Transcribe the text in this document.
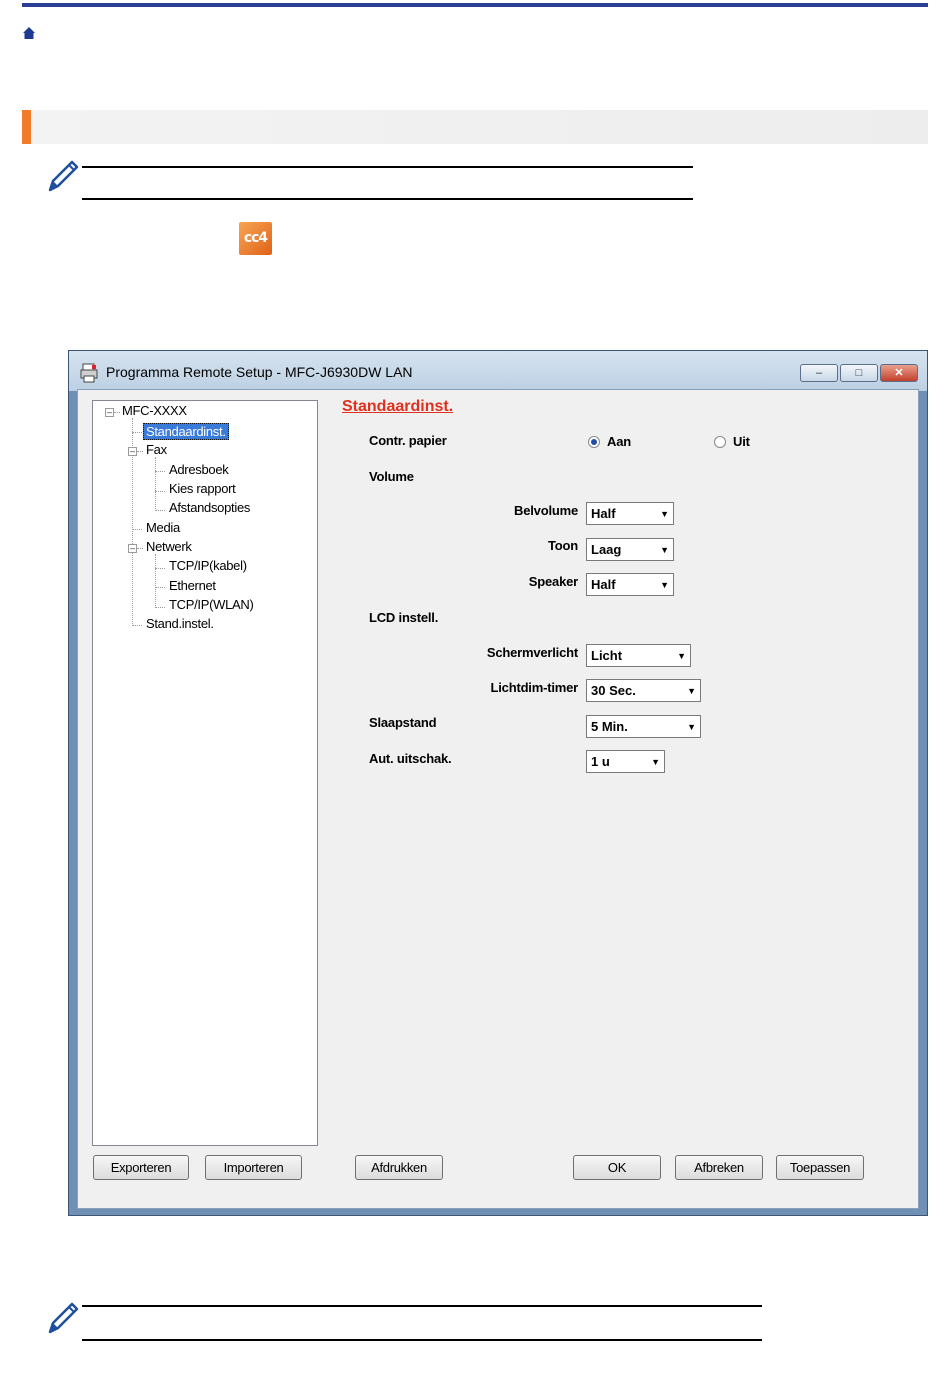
cc4
Programma Remote Setup - MFC-J6930DW LAN	–	□	✕
– MFC-XXXX
Standaardinst.
– Fax
Adresboek
Kies rapport
Afstandsopties
Media
– Netwerk
TCP/IP(kabel)
Ethernet
TCP/IP(WLAN)
Stand.instel.
Standaardinst.
Contr. papier	Aan	Uit
Volume
Belvolume	Half	▼
Toon	Laag	▼
Speaker	Half	▼
LCD instell.
Schermverlicht	Licht	▼
Lichtdim-timer	30 Sec.	▼
Slaapstand	5 Min.	▼
Aut. uitschak.	1 u	▼
Exporteren	Importeren	Afdrukken	OK	Afbreken	Toepassen
